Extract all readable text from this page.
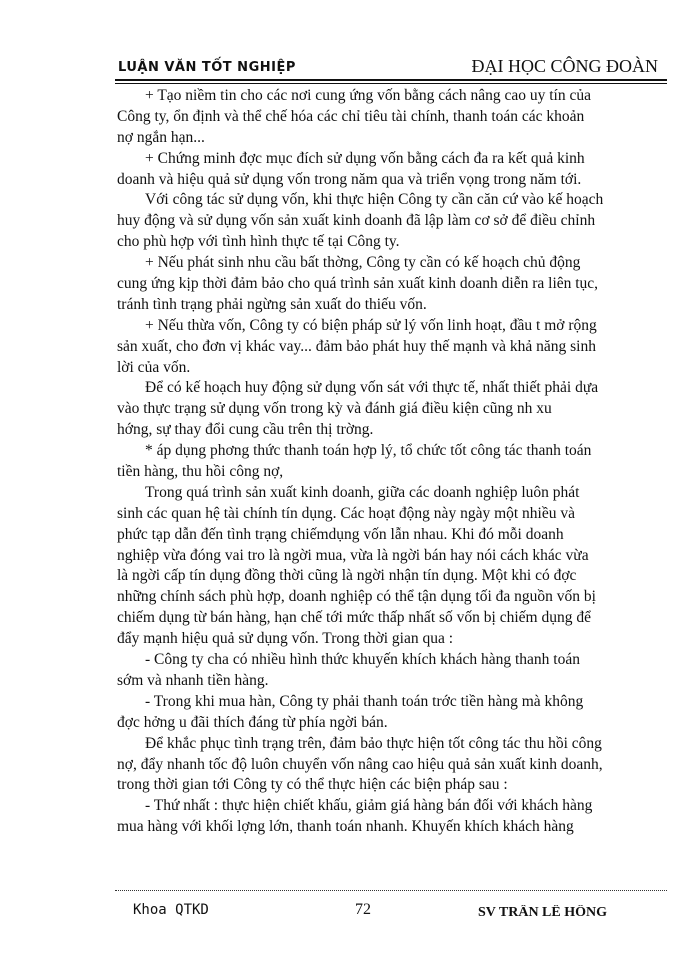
LUẬN VĂN TỐT NGHIỆP	ĐẠI HỌC CÔNG ĐOÀN
+ Tạo niềm tin cho các nơi cung ứng vốn bằng cách nâng cao uy tín của
Công ty, ổn định và thể chế hóa các chỉ tiêu tài chính, thanh toán các khoản
nợ ngắn hạn...
+ Chứng minh đợc mục đích sử dụng vốn bằng cách đa ra kết quả kinh
doanh và hiệu quả sử dụng vốn trong năm qua và triển vọng trong năm tới.
Với công tác sử dụng vốn, khi thực hiện Công ty cần căn cứ vào kế hoạch
huy động và sử dụng vốn sản xuất kinh doanh đã lập làm cơ sở để điều chỉnh
cho phù hợp với tình hình thực tế tại Công ty.
+ Nếu phát sinh nhu cầu bất thờng, Công ty cần có kế hoạch chủ động
cung ứng kịp thời đảm bảo cho quá trình sản xuất kinh doanh diễn ra liên tục,
tránh tình trạng phải ngừng sản xuất do thiếu vốn.
+ Nếu thừa vốn, Công ty có biện pháp sử lý vốn linh hoạt, đầu t mở rộng
sản xuất, cho đơn vị khác vay... đảm bảo phát huy thế mạnh và khả năng sinh
lời của vốn.
Để có kế hoạch huy động sử dụng vốn sát với thực tế, nhất thiết phải dựa
vào thực trạng sử dụng vốn trong kỳ và đánh giá điều kiện cũng nh xu
hớng, sự thay đổi cung cầu trên thị trờng.
* áp dụng phơng thức thanh toán hợp lý, tổ chức tốt công tác thanh toán
tiền hàng, thu hồi công nợ,
Trong quá trình sản xuất kinh doanh, giữa các doanh nghiệp luôn phát
sinh các quan hệ tài chính tín dụng. Các hoạt động này ngày một nhiều và
phức tạp dẫn đến tình trạng chiếmdụng vốn lẫn nhau. Khi đó mỗi doanh
nghiệp vừa đóng vai tro là ngời mua, vừa là ngời bán hay nói cách khác vừa
là ngời cấp tín dụng đồng thời cũng là ngời nhận tín dụng. Một khi có đợc
những chính sách phù hợp, doanh nghiệp có thể tận dụng tối đa nguồn vốn bị
chiếm dụng từ bán hàng, hạn chế tới mức thấp nhất số vốn bị chiếm dụng để
đẩy mạnh hiệu quả sử dụng vốn. Trong thời gian qua :
- Công ty cha có nhiều hình thức khuyến khích khách hàng thanh toán
sớm và nhanh tiền hàng.
- Trong khi mua hàn, Công ty phải thanh toán trớc tiền hàng mà không
đợc hởng u đãi thích đáng từ phía ngời bán.
Để khắc phục tình trạng trên, đảm bảo thực hiện tốt công tác thu hồi công
nợ, đẩy nhanh tốc độ luôn chuyển vốn nâng cao hiệu quả sản xuất kinh doanh,
trong thời gian tới Công ty có thể thực hiện các biện pháp sau :
- Thứ nhất : thực hiện chiết khấu, giảm giá hàng bán đối với khách hàng
mua hàng với khối lợng lớn, thanh toán nhanh. Khuyến khích khách hàng
Khoa QTKD	72	SV TRẦN LÊ HỒNG
